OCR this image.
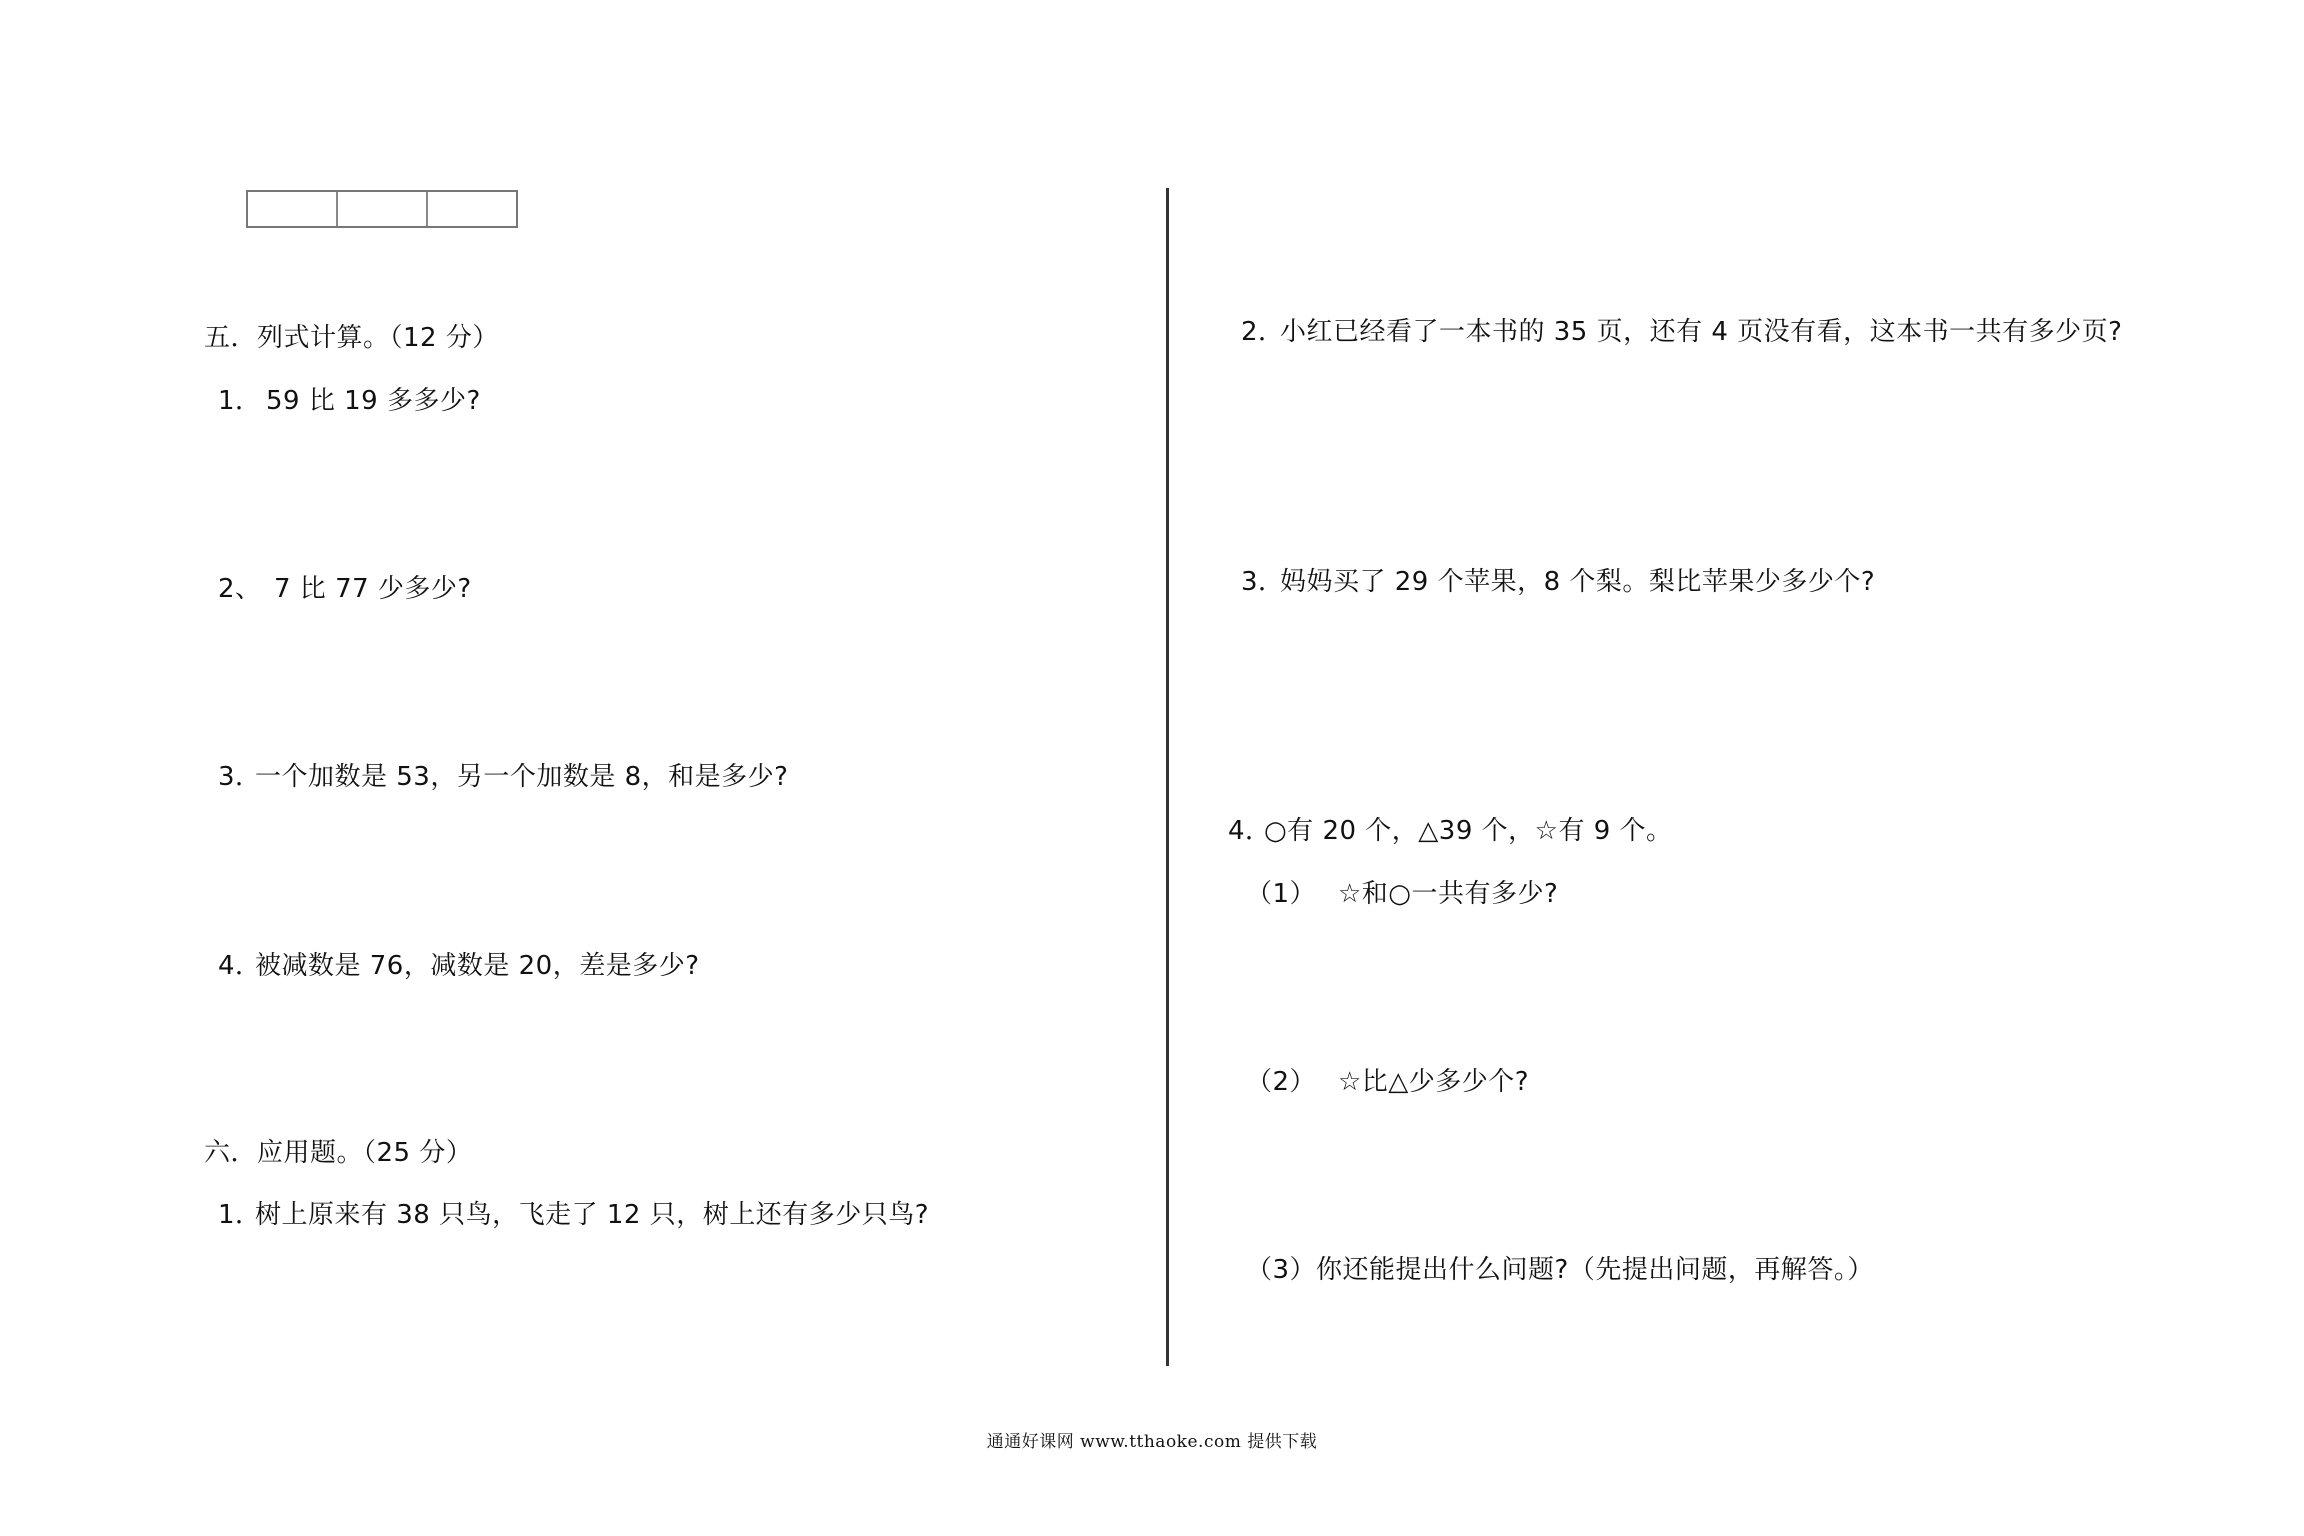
五．列式计算。（12 分）
1． 59 比 19 多多少?
2、 7 比 77 少多少?
3．
一个加数是 53，另一个加数是 8，和是多少?
4．
被减数是 76，减数是 20，差是多少?
六．应用题。（25 分）
1．
树上原来有 38 只鸟，飞走了 12 只，树上还有多少只鸟?
2．
小红已经看了一本书的 35 页，还有 4 页没有看，这本书一共有多少页?
3．
妈妈买了 29 个苹果，8 个梨。梨比苹果少多少个?
4．
○有 20 个，△39 个，☆有 9 个。
（1） ☆和○一共有多少?
（2） ☆比△少多少个?
（3）你还能提出什么问题?（先提出问题，再解答。）
通通好课网 www.tthaoke.com 提供下载
